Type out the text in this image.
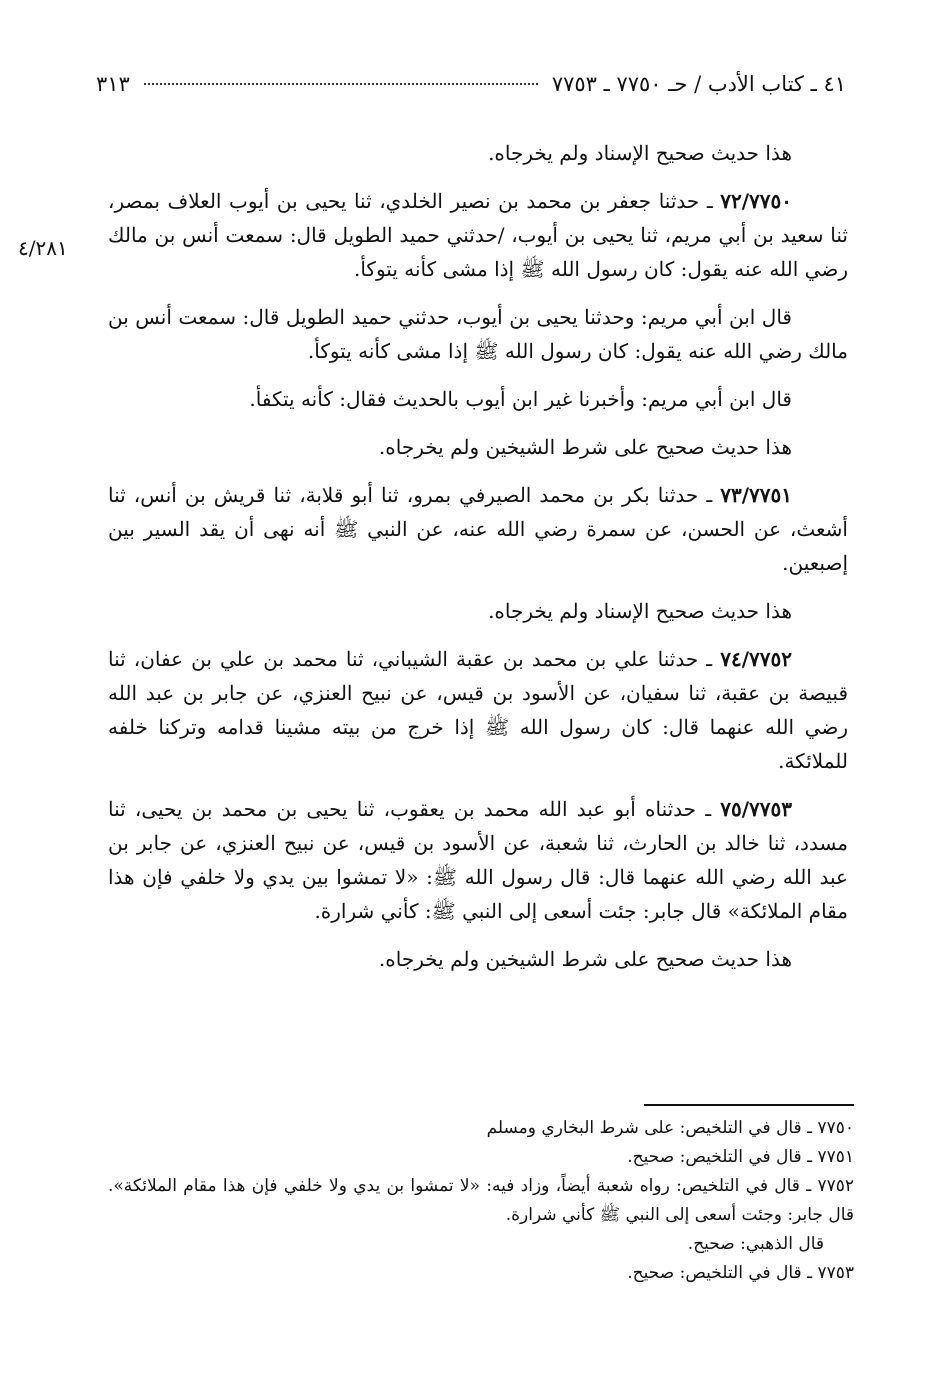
٤١ ـ كتاب الأدب / حـ ٧٧٥٠ ـ ٧٧٥٣
٣١٣
٤/٢٨١

هذا حديث صحيح الإسناد ولم يخرجاه.

٧٢/٧٧٥٠ ـ حدثنا جعفر بن محمد بن نصير الخلدي، ثنا يحيى بن أيوب العلاف بمصر، ثنا سعيد بن أبي مريم، ثنا يحيى بن أيوب، /حدثني حميد الطويل قال: سمعت أنس بن مالك رضي الله عنه يقول: كان رسول الله ﷺ إذا مشى كأنه يتوكأ.

قال ابن أبي مريم: وحدثنا يحيى بن أيوب، حدثني حميد الطويل قال: سمعت أنس بن مالك رضي الله عنه يقول: كان رسول الله ﷺ إذا مشى كأنه يتوكأ.

قال ابن أبي مريم: وأخبرنا غير ابن أيوب بالحديث فقال: كأنه يتكفأ.

هذا حديث صحيح على شرط الشيخين ولم يخرجاه.

٧٣/٧٧٥١ ـ حدثنا بكر بن محمد الصيرفي بمرو، ثنا أبو قلابة، ثنا قريش بن أنس، ثنا أشعث، عن الحسن، عن سمرة رضي الله عنه، عن النبي ﷺ أنه نهى أن يقد السير بين إصبعين.

هذا حديث صحيح الإسناد ولم يخرجاه.

٧٤/٧٧٥٢ ـ حدثنا علي بن محمد بن عقبة الشيباني، ثنا محمد بن علي بن عفان، ثنا قبيصة بن عقبة، ثنا سفيان، عن الأسود بن قيس، عن نبيح العنزي، عن جابر بن عبد الله رضي الله عنهما قال: كان رسول الله ﷺ إذا خرج من بيته مشينا قدامه وتركنا خلفه للملائكة.

٧٥/٧٧٥٣ ـ حدثناه أبو عبد الله محمد بن يعقوب، ثنا يحيى بن محمد بن يحيى، ثنا مسدد، ثنا خالد بن الحارث، ثنا شعبة، عن الأسود بن قيس، عن نبيح العنزي، عن جابر بن عبد الله رضي الله عنهما قال: قال رسول الله ﷺ: «لا تمشوا بين يدي ولا خلفي فإن هذا مقام الملائكة» قال جابر: جئت أسعى إلى النبي ﷺ: كأني شرارة.

هذا حديث صحيح على شرط الشيخين ولم يخرجاه.

٧٧٥٠ ـ قال في التلخيص: على شرط البخاري ومسلم

٧٧٥١ ـ قال في التلخيص: صحيح.

٧٧٥٢ ـ قال في التلخيص: رواه شعبة أيضاً، وزاد فيه: «لا تمشوا بن يدي ولا خلفي فإن هذا مقام الملائكة». قال جابر: وجئت أسعى إلى النبي ﷺ كأني شرارة.

قال الذهبي: صحيح.

٧٧٥٣ ـ قال في التلخيص: صحيح.
